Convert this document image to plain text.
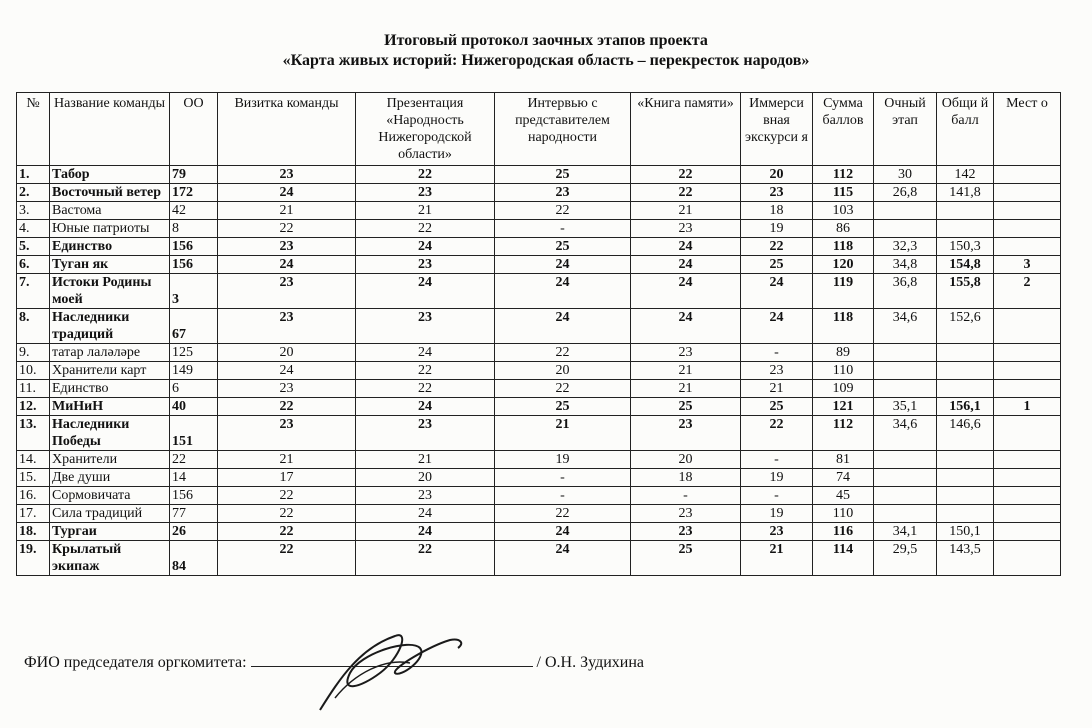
Итоговый протокол заочных этапов проекта
«Карта живых историй: Нижегородская область – перекресток народов»
№	Название команды	ОО	Визитка команды	Презентация «Народность Нижегородской области»	Интервью с представителем народности	«Книга памяти»	Иммерси вная экскурси я	Сумма баллов	Очный этап	Общи й балл	Мест о
1.	Табор	79	23	22	25	22	20	112	30	142	
2.	Восточный ветер	172	24	23	23	22	23	115	26,8	141,8	
3.	Вастома	42	21	21	22	21	18	103			
4.	Юные патриоты	8	22	22	-	23	19	86			
5.	Единство	156	23	24	25	24	22	118	32,3	150,3	
6.	Туган як	156	24	23	24	24	25	120	34,8	154,8	3
7.	Истоки Родины моей	3	23	24	24	24	24	119	36,8	155,8	2
8.	Наследники традиций	67	23	23	24	24	24	118	34,6	152,6	
9.	татар лаләләре	125	20	24	22	23	-	89			
10.	Хранители карт	149	24	22	20	21	23	110			
11.	Единство	6	23	22	22	21	21	109			
12.	МиНиН	40	22	24	25	25	25	121	35,1	156,1	1
13.	Наследники Победы	151	23	23	21	23	22	112	34,6	146,6	
14.	Хранители	22	21	21	19	20	-	81			
15.	Две души	14	17	20	-	18	19	74			
16.	Сормовичата	156	22	23	-	-	-	45			
17.	Сила традиций	77	22	24	22	23	19	110			
18.	Тургаи	26	22	24	24	23	23	116	34,1	150,1	
19.	Крылатый экипаж	84	22	22	24	25	21	114	29,5	143,5	
ФИО председателя оргкомитета:	/ О.Н. Зудихина
